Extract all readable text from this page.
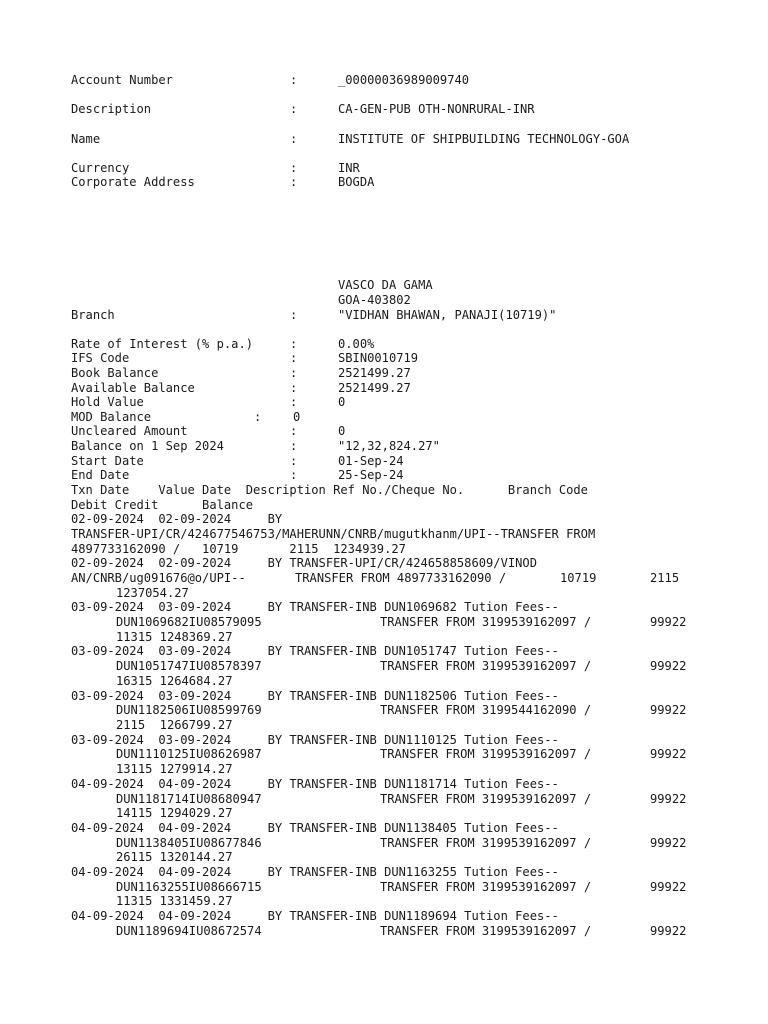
Account Number	:	_00000036989009740
Description	:	CA-GEN-PUB OTH-NONRURAL-INR
Name	:	INSTITUTE OF SHIPBUILDING TECHNOLOGY-GOA
Currency	:	INR
Corporate Address	:	BOGDA
VASCO DA GAMA
GOA-403802
Branch	:	"VIDHAN BHAWAN, PANAJI(10719)"
Rate of Interest (% p.a.)	:	0.00%
IFS Code	:	SBIN0010719
Book Balance	:	2521499.27
Available Balance	:	2521499.27
Hold Value	:	0
MOD Balance	:	0
Uncleared Amount	:	0
Balance on 1 Sep 2024	:	"12,32,824.27"
Start Date	:	01-Sep-24
End Date	:	25-Sep-24
Txn Date    Value Date  Description Ref No./Cheque No.      Branch Code
Debit Credit      Balance
02-09-2024  02-09-2024     BY
TRANSFER-UPI/CR/424677546753/MAHERUNN/CNRB/mugutkhanm/UPI--TRANSFER FROM
4897733162090 /   10719       2115  1234939.27
02-09-2024  02-09-2024     BY TRANSFER-UPI/CR/424658858609/VINOD
AN/CNRB/ug091676@o/UPI--	TRANSFER FROM 4897733162090 /	10719	2115
1237054.27
03-09-2024  03-09-2024     BY TRANSFER-INB DUN1069682 Tution Fees--
DUN1069682IU08579095	TRANSFER FROM 3199539162097 /	99922
11315 1248369.27
03-09-2024  03-09-2024     BY TRANSFER-INB DUN1051747 Tution Fees--
DUN1051747IU08578397	TRANSFER FROM 3199539162097 /	99922
16315 1264684.27
03-09-2024  03-09-2024     BY TRANSFER-INB DUN1182506 Tution Fees--
DUN1182506IU08599769	TRANSFER FROM 3199544162090 /	99922
2115  1266799.27
03-09-2024  03-09-2024     BY TRANSFER-INB DUN1110125 Tution Fees--
DUN1110125IU08626987	TRANSFER FROM 3199539162097 /	99922
13115 1279914.27
04-09-2024  04-09-2024     BY TRANSFER-INB DUN1181714 Tution Fees--
DUN1181714IU08680947	TRANSFER FROM 3199539162097 /	99922
14115 1294029.27
04-09-2024  04-09-2024     BY TRANSFER-INB DUN1138405 Tution Fees--
DUN1138405IU08677846	TRANSFER FROM 3199539162097 /	99922
26115 1320144.27
04-09-2024  04-09-2024     BY TRANSFER-INB DUN1163255 Tution Fees--
DUN1163255IU08666715	TRANSFER FROM 3199539162097 /	99922
11315 1331459.27
04-09-2024  04-09-2024     BY TRANSFER-INB DUN1189694 Tution Fees--
DUN1189694IU08672574	TRANSFER FROM 3199539162097 /	99922
